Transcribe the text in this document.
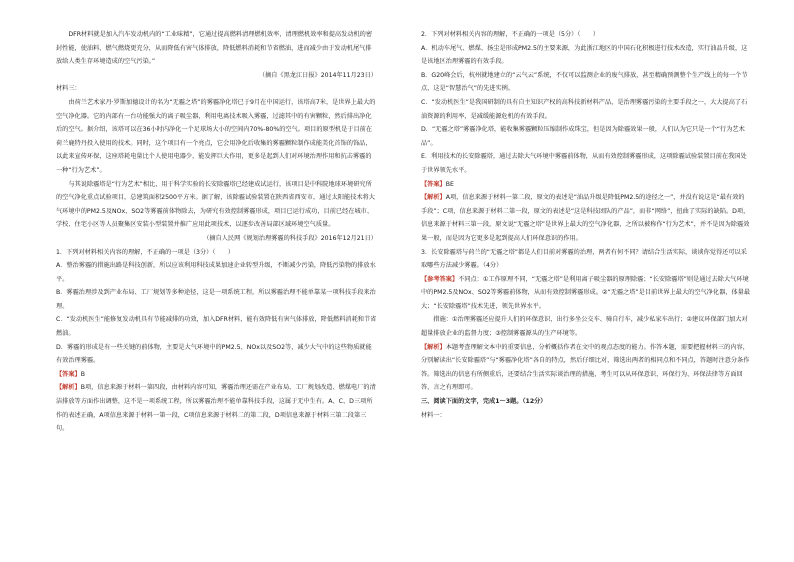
DFR材料就是加入汽车发动机内的“工业味精”，它通过提高燃料清理燃机效率，清理燃机效率和提高发动机的密封性能，使油料、燃气燃烧更充分，从而降低有害气体排放，降低燃料消耗和节省燃油，进而减少由于发动机尾气排放给人类生存环境造成的空气污染。”

（摘自《黑龙江日报》2014年11月23日）

材料三：

由荷兰艺术家丹·罗斯加德设计的名为“无霾之塔”的雾霾净化塔已于9月在中国运行，该塔高7米，是世界上最大的空气净化器。它的内部有一台功能强大的离子吸尘器，利用电离技术吸入雾霾，过滤其中的有害颗粒，然后排出净化后的空气。据介绍，该塔可以在36小时内净化一个足球场大小的空间内70%-80%的空气。项目的原型机是于目前在荷兰鹿特丹投入使用的技术。同时，这个项目有一个亮点，它会用净化后收集的雾霾颗粒制作成能美化首饰的饰品，以此来宣传环保，这座塔耗电量比个人使用电器少，能发挥巨大作用，更多是起到人们对环境治理作用和抗击雾霾的一种“行为艺术”。

与其说除霾塔是“行为艺术”相比，用于科学实验的长安除霾塔已经建成试运行，该项目是中科院地球环境研究所的空气净化重点试验项目，总建筑面积2500平方米。据了解，该除霾试验装置在陕西省西安市，通过太阳能技术将大气环境中的PM2.5及NOx、SO2等雾霾前体物除去，为研究有效控制雾霾形成，项目已运行成功，目前已经在城市、学校、住宅小区等人员聚集区安装小型装置并推广应用此项技术，以逐步改善局部区域环境空气质量。

（摘自人民网《规划治理雾霾的科技手段》2016年12月21日）

1．下列对材料相关内容的理解，不正确的一项是（3分）（　　）

A．整治雾霾的措施出路是科技创新，所以应该利用科技成果加速企业转型升级，不断减少污染，降低污染物的排放水平。

B．雾霾治理涉及到产业布局、工厂规划等多种途径，这是一项系统工程，所以雾霾治理不能单靠某一项科技手段来治理。

C．“发动机医生”能修复发动机具有节能减排的功效，加入DFR材料，能有效降低有害气体排放，降低燃料消耗和节省燃油。

D．雾霾的形成是有一些关键的前体物，主要是大气环境中的PM2.5、NOx以及SO2等，减少大气中的这些物质就能有效治理雾霾。

【答案】B

【解析】B项，信息来源于材料一第四段，由材料内容可知，雾霾治理还需在产业布局、工厂规划改造、燃煤电厂的清洁排放等方面作出调整，这不是一项系统工程，所以雾霾治理不能单靠科技手段，这属于无中生有。A、C、D三项所作的表述正确，A项信息来源于材料一第一段，C项信息来源于材料二的第二段，D项信息来源于材料三第二段第三句。

2．下列对材料相关内容的理解，不正确的一项是（5分）（　　）

A．机动车尾气、燃煤、扬尘是形成PM2.5的主要来源，为此浙江地区的中国石化积极进行技术改造，实行油品升级，这是该地区治理雾霾的有效手段。

B．G20峰会后，杭州就地建立的“云气云”系统，不仅可以监测企业的废气排放，甚至精确预测整个生产线上的每一个节点，这是“智慧治气”的先进实例。

C．“发动机医生”是我国研制的具有自主知识产权的高科技新材料产品，是治理雾霾污染的主要手段之一，大大提高了石油资源的利用率，是减缓能源危机的有效手段。

D．“无霾之塔”雾霾净化塔，能收集雾霾颗粒压缩制作成珠宝，但是因为除霾效果一般，人们认为它只是一个“行为艺术品”。

E．利用技术的长安除霾塔，通过去除大气环境中雾霾前体物，从而有效控制雾霾形成，这项除霾试验装置目前在我国处于世界领先水平。

【答案】BE

【解析】A项，信息来源于材料一第二段，原文的表述是“油品升级是降低PM2.5的途径之一”，并没有说这是“最有效的手段”；C项，信息来源于材料二第一段，原文的表述是“这是科技团队的产品”，而非“网络”，扭曲了实际的缺陷。D项，信息来源于材料三第一段，原文说“无霾之塔”是世界上最大的空气净化器，之所以被称作“行为艺术”，并不是因为除霾效果一般，而是因为它更多是起到提高人们环保意识的作用。

3．长安除霾塔与荷兰的“无霾之塔”都是人们目前对雾霾的治理，两者有何不同？请结合生活实际，谈谈你觉得还可以采取哪些方法减少雾霾。（4分）

【参考答案】不同点：①工作原理不同，“无霾之塔”是利用离子吸尘器的原理除霾；“长安除霾塔”则是通过去除大气环境中的PM2.5及NOx、SO2等雾霾前体物，从而有效控制雾霾形成。②“无霾之塔”是目前世界上最大的空气净化器，体量最大；“长安除霾塔”技术先进，领先世界水平。

措施：①治理雾霾还应提升人们的环保意识，出行多坐公交车、骑自行车，减少私家车出行；②建议环保部门加大对超量排放企业的监督力度；③控制雾霾源头的生产环境等。

【解析】本题考查理解文本中的重要信息，分析概括作者在文中的观点态度的能力。作答本题，需要把握材料三的内容，分别解读出“长安除霾塔”与“雾霾净化塔”各自的特点，然后仔细比对，筛选出两者的相同点和不同点，答题时注意分条作答。筛选出的信息有所侧重后，还要结合生活实际谈治理的措施，考生可以从环保意识、环保行为、环保法律等方面回答，言之有理即可。

三、阅读下面的文字，完成1～3题。（12分）

材料一：
